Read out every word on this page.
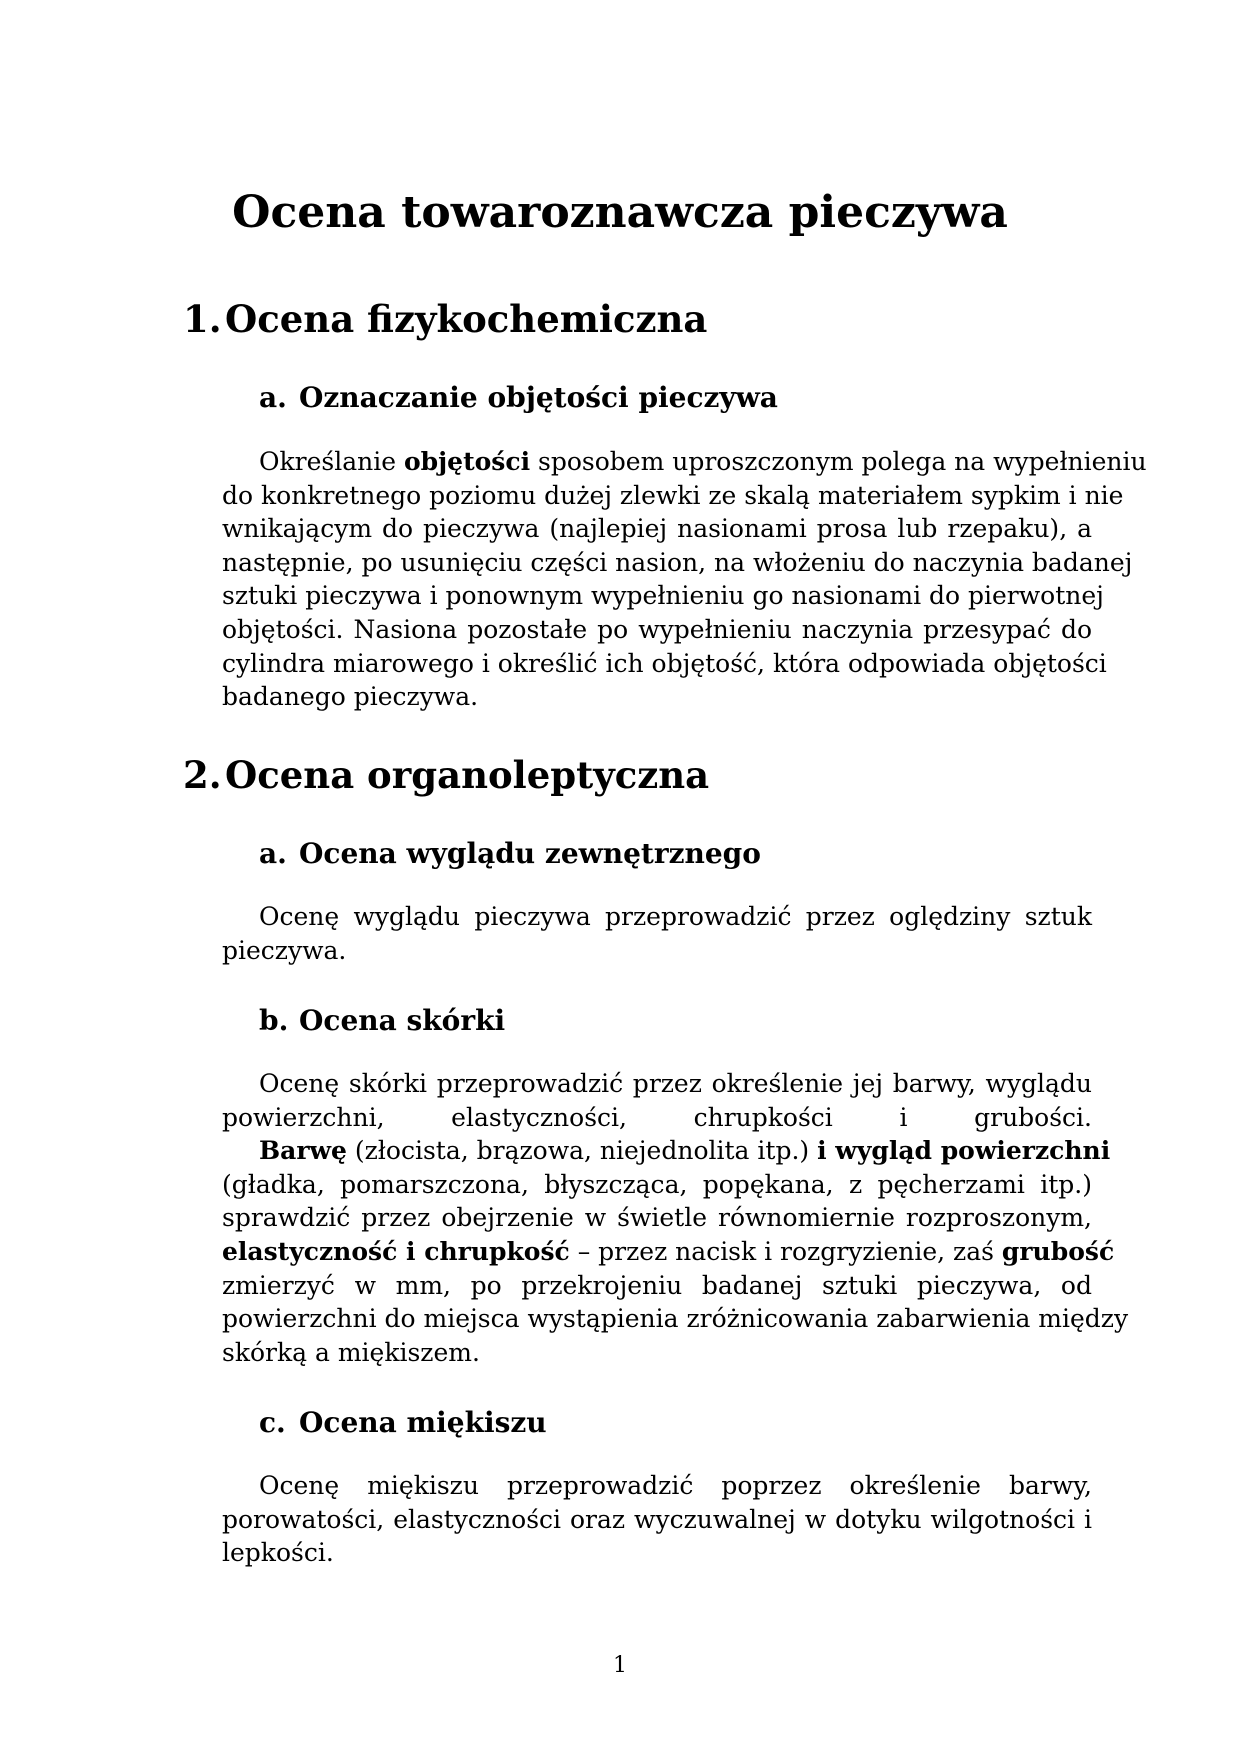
Ocena towaroznawcza pieczywa
1.Ocena fizykochemiczna
a. Oznaczanie objętości pieczywa
Określanie objętości sposobem uproszczonym polega na wypełnieniu
do konkretnego poziomu dużej zlewki ze skalą materiałem sypkim i nie
wnikającym do pieczywa (najlepiej nasionami prosa lub rzepaku), a
następnie, po usunięciu części nasion, na włożeniu do naczynia badanej
sztuki pieczywa i ponownym wypełnieniu go nasionami do pierwotnej
objętości. Nasiona pozostałe po wypełnieniu naczynia przesypać do
cylindra miarowego i określić ich objętość, która odpowiada objętości
badanego pieczywa.
2.Ocena organoleptyczna
a. Ocena wyglądu zewnętrznego
Ocenę wyglądu pieczywa przeprowadzić przez oględziny sztuk
pieczywa.
b. Ocena skórki
Ocenę skórki przeprowadzić przez określenie jej barwy, wyglądu
powierzchni, elastyczności, chrupkości i grubości.
Barwę (złocista, brązowa, niejednolita itp.) i wygląd powierzchni
(gładka, pomarszczona, błyszcząca, popękana, z pęcherzami itp.)
sprawdzić przez obejrzenie w świetle równomiernie rozproszonym,
elastyczność i chrupkość – przez nacisk i rozgryzienie, zaś grubość
zmierzyć w mm, po przekrojeniu badanej sztuki pieczywa, od
powierzchni do miejsca wystąpienia zróżnicowania zabarwienia między
skórką a miękiszem.
c. Ocena miękiszu
Ocenę miękiszu przeprowadzić poprzez określenie barwy,
porowatości, elastyczności oraz wyczuwalnej w dotyku wilgotności i
lepkości.
1
